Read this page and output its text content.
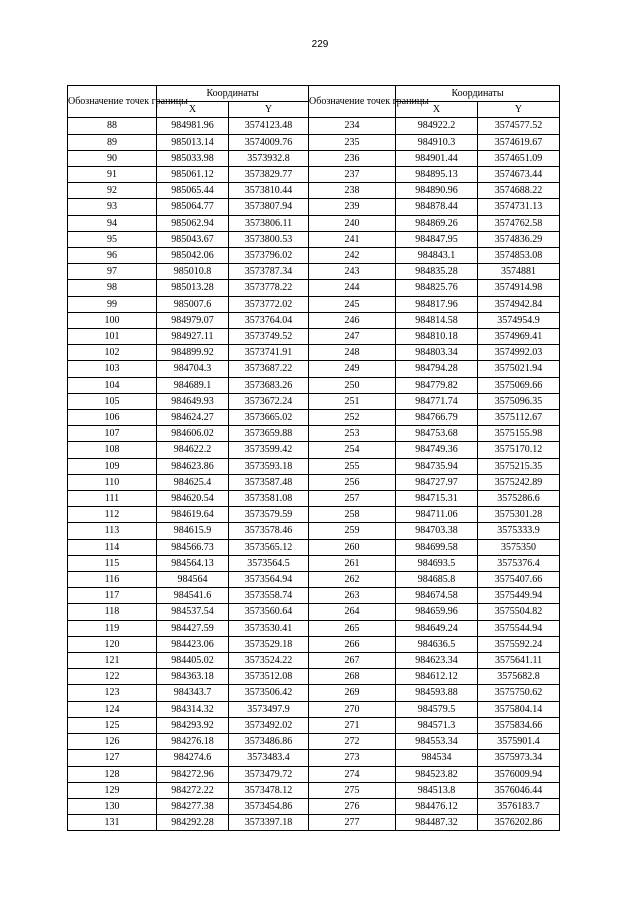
229
Обозначение точек границы	Координаты		Обозначение точек границы	Координаты	
	X	Y		X	Y
88	984981.96	3574123.48	234	984922.2	3574577.52
89	985013.14	3574009.76	235	984910.3	3574619.67
90	985033.98	3573932.8	236	984901.44	3574651.09
91	985061.12	3573829.77	237	984895.13	3574673.44
92	985065.44	3573810.44	238	984890.96	3574688.22
93	985064.77	3573807.94	239	984878.44	3574731.13
94	985062.94	3573806.11	240	984869.26	3574762.58
95	985043.67	3573800.53	241	984847.95	3574836.29
96	985042.06	3573796.02	242	984843.1	3574853.08
97	985010.8	3573787.34	243	984835.28	3574881
98	985013.28	3573778.22	244	984825.76	3574914.98
99	985007.6	3573772.02	245	984817.96	3574942.84
100	984979.07	3573764.04	246	984814.58	3574954.9
101	984927.11	3573749.52	247	984810.18	3574969.41
102	984899.92	3573741.91	248	984803.34	3574992.03
103	984704.3	3573687.22	249	984794.28	3575021.94
104	984689.1	3573683.26	250	984779.82	3575069.66
105	984649.93	3573672.24	251	984771.74	3575096.35
106	984624.27	3573665.02	252	984766.79	3575112.67
107	984606.02	3573659.88	253	984753.68	3575155.98
108	984622.2	3573599.42	254	984749.36	3575170.12
109	984623.86	3573593.18	255	984735.94	3575215.35
110	984625.4	3573587.48	256	984727.97	3575242.89
111	984620.54	3573581.08	257	984715.31	3575286.6
112	984619.64	3573579.59	258	984711.06	3575301.28
113	984615.9	3573578.46	259	984703.38	3575333.9
114	984566.73	3573565.12	260	984699.58	3575350
115	984564.13	3573564.5	261	984693.5	3575376.4
116	984564	3573564.94	262	984685.8	3575407.66
117	984541.6	3573558.74	263	984674.58	3575449.94
118	984537.54	3573560.64	264	984659.96	3575504.82
119	984427.59	3573530.41	265	984649.24	3575544.94
120	984423.06	3573529.18	266	984636.5	3575592.24
121	984405.02	3573524.22	267	984623.34	3575641.11
122	984363.18	3573512.08	268	984612.12	3575682.8
123	984343.7	3573506.42	269	984593.88	3575750.62
124	984314.32	3573497.9	270	984579.5	3575804.14
125	984293.92	3573492.02	271	984571.3	3575834.66
126	984276.18	3573486.86	272	984553.34	3575901.4
127	984274.6	3573483.4	273	984534	3575973.34
128	984272.96	3573479.72	274	984523.82	3576009.94
129	984272.22	3573478.12	275	984513.8	3576046.44
130	984277.38	3573454.86	276	984476.12	3576183.7
131	984292.28	3573397.18	277	984487.32	3576202.86
